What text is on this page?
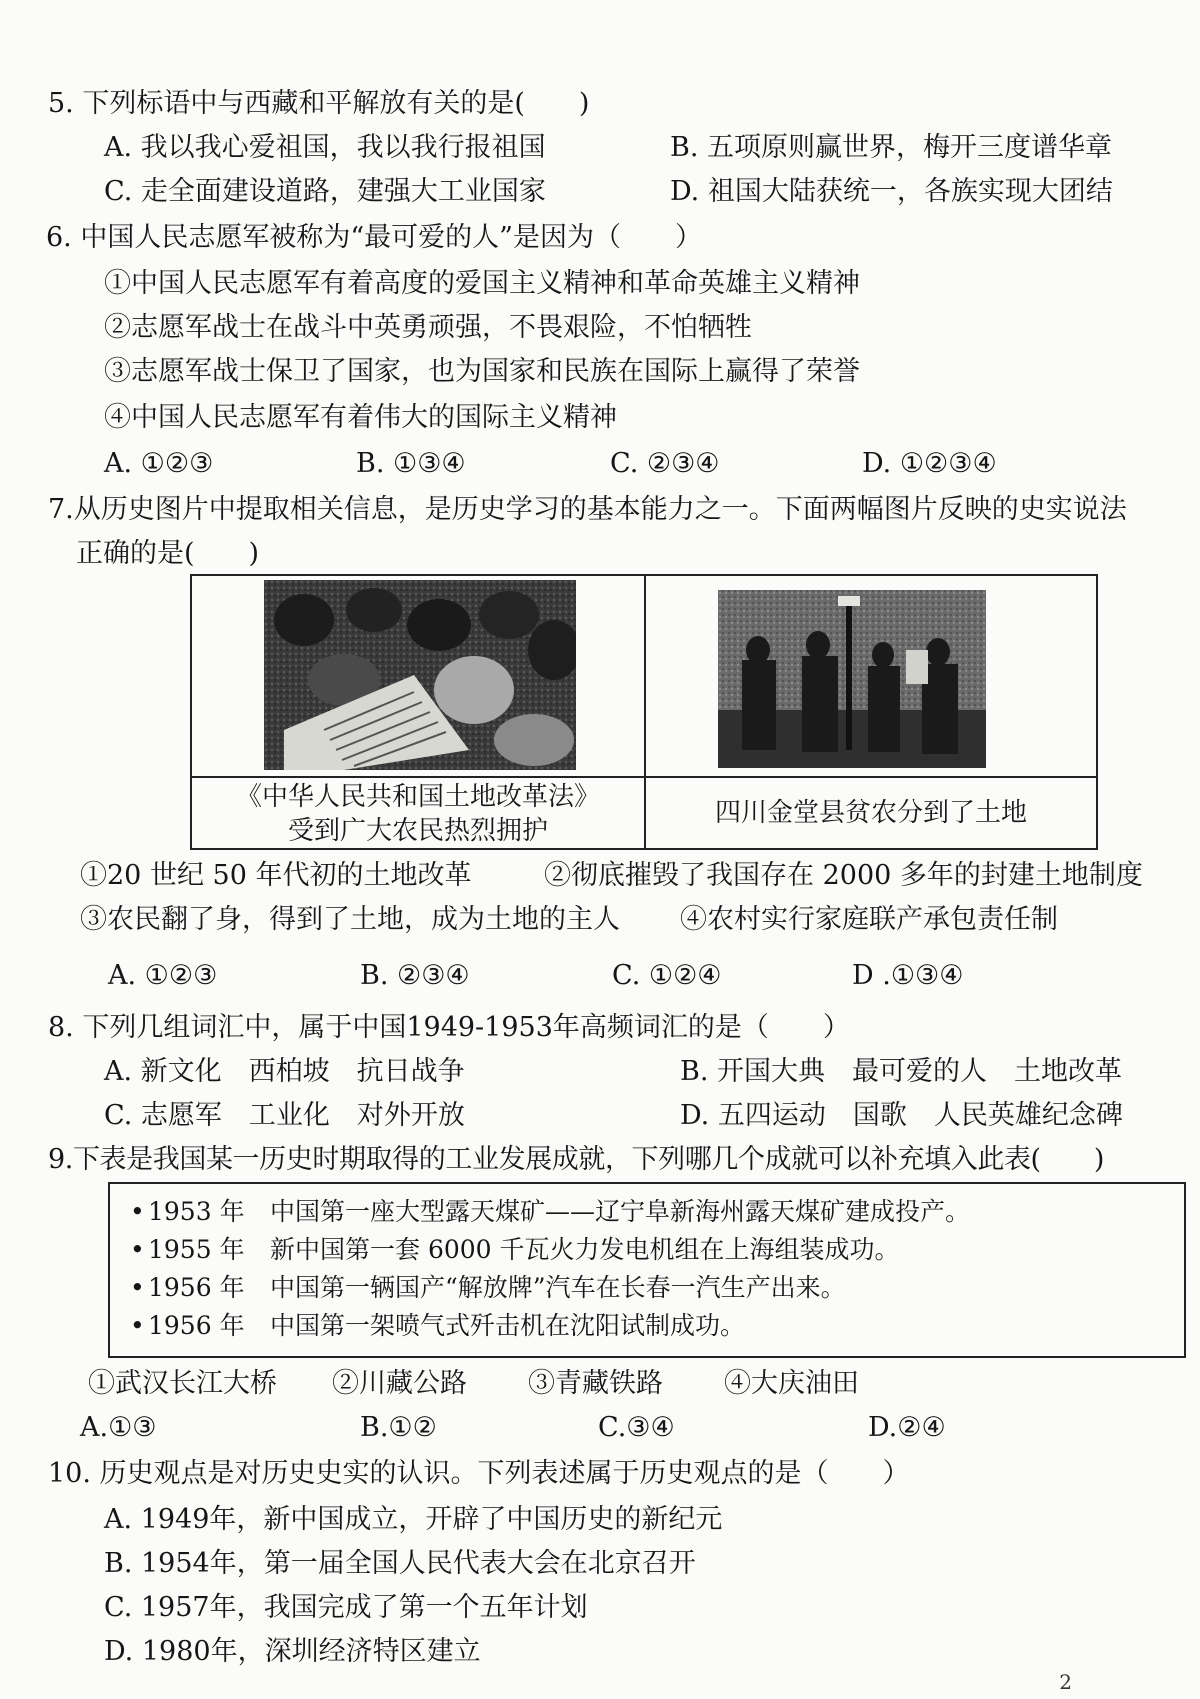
5. 下列标语中与西藏和平解放有关的是(　　)
A. 我以我心爱祖国，我以我行报祖国	B. 五项原则赢世界，梅开三度谱华章
C. 走全面建设道路，建强大工业国家	D. 祖国大陆获统一，各族实现大团结
6. 中国人民志愿军被称为“最可爱的人”是因为（　　）
①中国人民志愿军有着高度的爱国主义精神和革命英雄主义精神
②志愿军战士在战斗中英勇顽强，不畏艰险，不怕牺牲
③志愿军战士保卫了国家，也为国家和民族在国际上赢得了荣誉
④中国人民志愿军有着伟大的国际主义精神
A. ①②③	B. ①③④	C. ②③④	D. ①②③④
7.从历史图片中提取相关信息，是历史学习的基本能力之一。下面两幅图片反映的史实说法
正确的是(　　)
《中华人民共和国土地改革法》
受到广大农民热烈拥护
四川金堂县贫农分到了土地
①20 世纪 50 年代初的土地改革	②彻底摧毁了我国存在 2000 多年的封建土地制度
③农民翻了身，得到了土地，成为土地的主人 ④农村实行家庭联产承包责任制
A. ①②③	B. ②③④	C. ①②④	D .①③④
8. 下列几组词汇中，属于中国1949-1953年高频词汇的是（　　）
A. 新文化　西柏坡　抗日战争	B. 开国大典　最可爱的人　土地改革
C. 志愿军　工业化　对外开放	D. 五四运动　国歌　人民英雄纪念碑
9.下表是我国某一历史时期取得的工业发展成就，下列哪几个成就可以补充填入此表(　　)
• 1953 年 中国第一座大型露天煤矿——辽宁阜新海州露天煤矿建成投产。
• 1955 年 新中国第一套 6000 千瓦火力发电机组在上海组装成功。
• 1956 年 中国第一辆国产“解放牌”汽车在长春一汽生产出来。
• 1956 年 中国第一架喷气式歼击机在沈阳试制成功。
①武汉长江大桥 ②川藏公路 ③青藏铁路 ④大庆油田
A.①③	B.①②	C.③④	D.②④
10. 历史观点是对历史史实的认识。下列表述属于历史观点的是（　　）
A. 1949年，新中国成立，开辟了中国历史的新纪元
B. 1954年，第一届全国人民代表大会在北京召开
C. 1957年，我国完成了第一个五年计划
D. 1980年，深圳经济特区建立
2
